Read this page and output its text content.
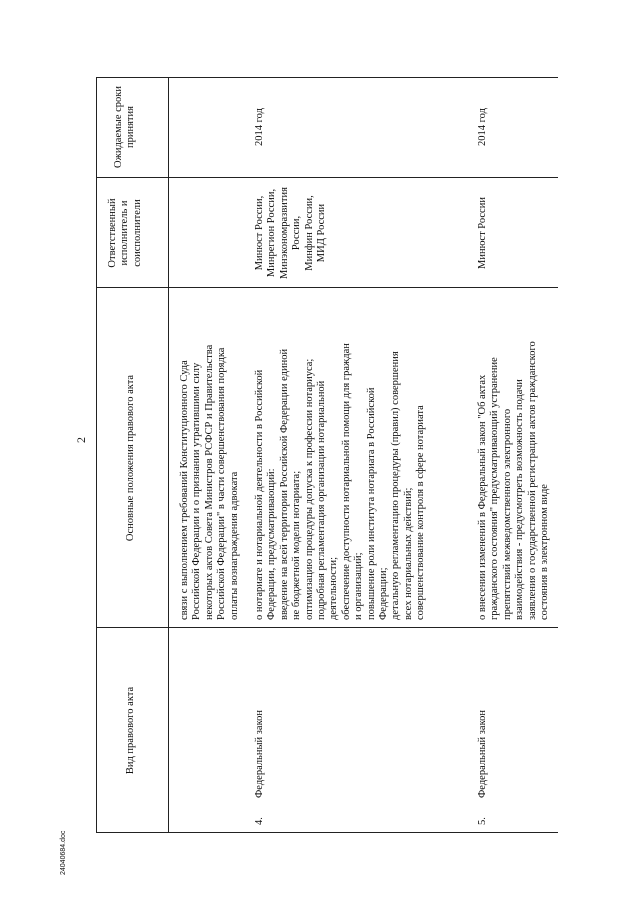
2
Вид правового акта
Основные положения правового акта
Ответственный исполнитель и соисполнители
Ожидаемые сроки принятия
связи с выполнением требований Конституционного Суда
Российской Федерации и о признании утратившими силу
некоторых актов Совета Министров РСФСР и Правительства
Российской Федерации" в части совершенствования порядка
оплаты вознаграждения адвоката
4.
Федеральный закон
о нотариате и нотариальной деятельности в Российской
Федерации, предусматривающий:
введение на всей территории Российской Федерации единой
не бюджетной модели нотариата;
оптимизацию процедуры допуска к профессии нотариуса;
подробная регламентация организации нотариальной
деятельности;
обеспечение доступности нотариальной помощи для граждан
и организаций;
повышение роли института нотариата в Российской
Федерации;
детальную регламентацию процедуры (правил) совершения
всех нотариальных действий;
совершенствование контроля в сфере нотариата
Минюст России,
Минрегион России,
Минэкономразвития
России,
Минфин России,
МИД России
2014 год
5.
Федеральный закон
о внесении изменений в Федеральный закон "Об актах
гражданского состояния" предусматривающий устранение
препятствий межведомственного электронного
взаимодействия - предусмотреть возможность подачи
заявления о государственной регистрации актов гражданского
состояния в электронном виде
Минюст России
2014 год
24040684.doc
